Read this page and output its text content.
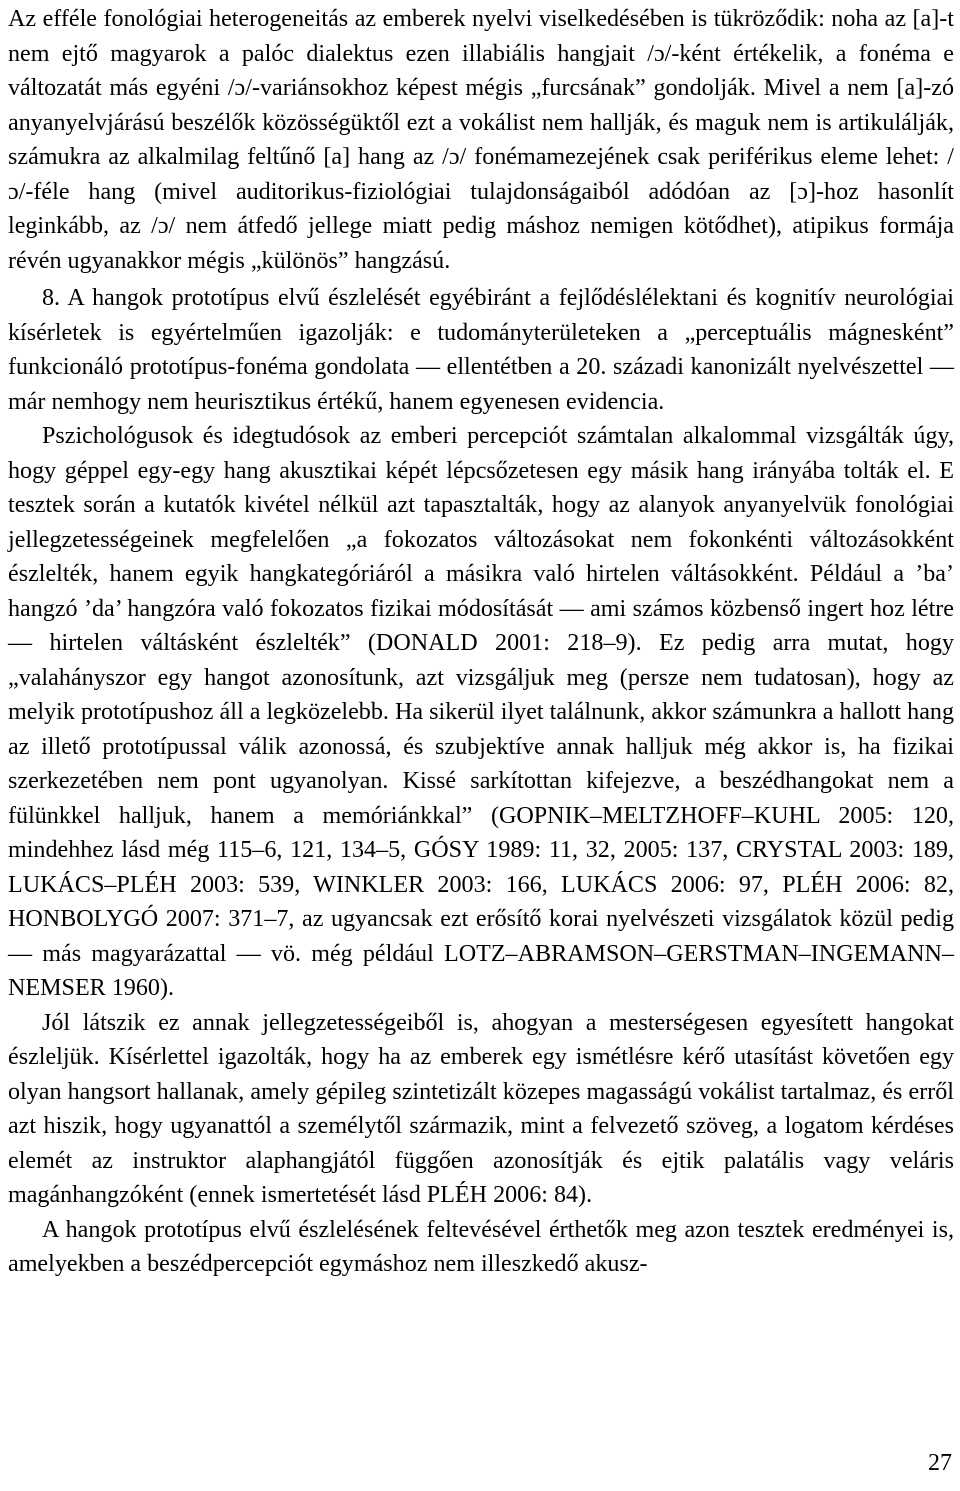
Az efféle fonológiai heterogeneitás az emberek nyelvi viselkedésében is tükröződik: noha az [a]-t nem ejtő magyarok a palóc dialektus ezen illabiális hangjait /ɔ/-ként értékelik, a fonéma e változatát más egyéni /ɔ/-variánsokhoz képest mégis „furcsának” gondolják. Mivel a nem [a]-zó anyanyelvjárású beszélők közösségüktől ezt a vokálist nem hallják, és maguk nem is artikulálják, számukra az alkalmilag feltűnő [a] hang az /ɔ/ fonémamezejének csak periférikus eleme lehet: /ɔ/-féle hang (mivel auditorikus-fiziológiai tulajdonságaiból adódóan az [ɔ]-hoz hasonlít leginkább, az /ɔ/ nem átfedő jellege miatt pedig máshoz nemigen kötődhet), atipikus formája révén ugyanakkor mégis „különös” hangzású.

8. A hangok prototípus elvű észlelését egyébiránt a fejlődéslélektani és kognitív neurológiai kísérletek is egyértelműen igazolják: e tudományterületeken a „perceptuális mágnesként” funkcionáló prototípus-fonéma gondolata — ellentétben a 20. századi kanonizált nyelvészettel — már nemhogy nem heurisztikus értékű, hanem egyenesen evidencia.

Pszichológusok és idegtudósok az emberi percepciót számtalan alkalommal vizsgálták úgy, hogy géppel egy-egy hang akusztikai képét lépcsőzetesen egy másik hang irányába tolták el. E tesztek során a kutatók kivétel nélkül azt tapasztalták, hogy az alanyok anyanyelvük fonológiai jellegzetességeinek megfelelően „a fokozatos változásokat nem fokonkénti változásokként észlelték, hanem egyik hangkategóriáról a másikra való hirtelen váltásokként. Például a ’ba’ hangzó ’da’ hangzóra való fokozatos fizikai módosítását — ami számos közbenső ingert hoz létre — hirtelen váltásként észlelték” (DONALD 2001: 218–9). Ez pedig arra mutat, hogy „valahányszor egy hangot azonosítunk, azt vizsgáljuk meg (persze nem tudatosan), hogy az melyik prototípushoz áll a legközelebb. Ha sikerül ilyet találnunk, akkor számunkra a hallott hang az illető prototípussal válik azonossá, és szubjektíve annak halljuk még akkor is, ha fizikai szerkezetében nem pont ugyanolyan. Kissé sarkítottan kifejezve, a beszédhangokat nem a fülünkkel halljuk, hanem a memóriánkkal” (GOPNIK–MELTZHOFF–KUHL 2005: 120, mindehhez lásd még 115–6, 121, 134–5, GÓSY 1989: 11, 32, 2005: 137, CRYSTAL 2003: 189, LUKÁCS–PLÉH 2003: 539, WINKLER 2003: 166, LUKÁCS 2006: 97, PLÉH 2006: 82, HONBOLYGÓ 2007: 371–7, az ugyancsak ezt erősítő korai nyelvészeti vizsgálatok közül pedig — más magyarázattal — vö. még például LOTZ–ABRAMSON–GERSTMAN–INGEMANN–NEMSER 1960).

Jól látszik ez annak jellegzetességeiből is, ahogyan a mesterségesen egyesített hangokat észleljük. Kísérlettel igazolták, hogy ha az emberek egy ismétlésre kérő utasítást követően egy olyan hangsort hallanak, amely gépileg szintetizált közepes magasságú vokálist tartalmaz, és erről azt hiszik, hogy ugyanattól a személytől származik, mint a felvezető szöveg, a logatom kérdéses elemét az instruktor alaphangjától függően azonosítják és ejtik palatális vagy veláris magánhangzóként (ennek ismertetését lásd PLÉH 2006: 84).

A hangok prototípus elvű észlelésének feltevésével érthetők meg azon tesztek eredményei is, amelyekben a beszédpercepciót egymáshoz nem illeszkedő akusz-

27
